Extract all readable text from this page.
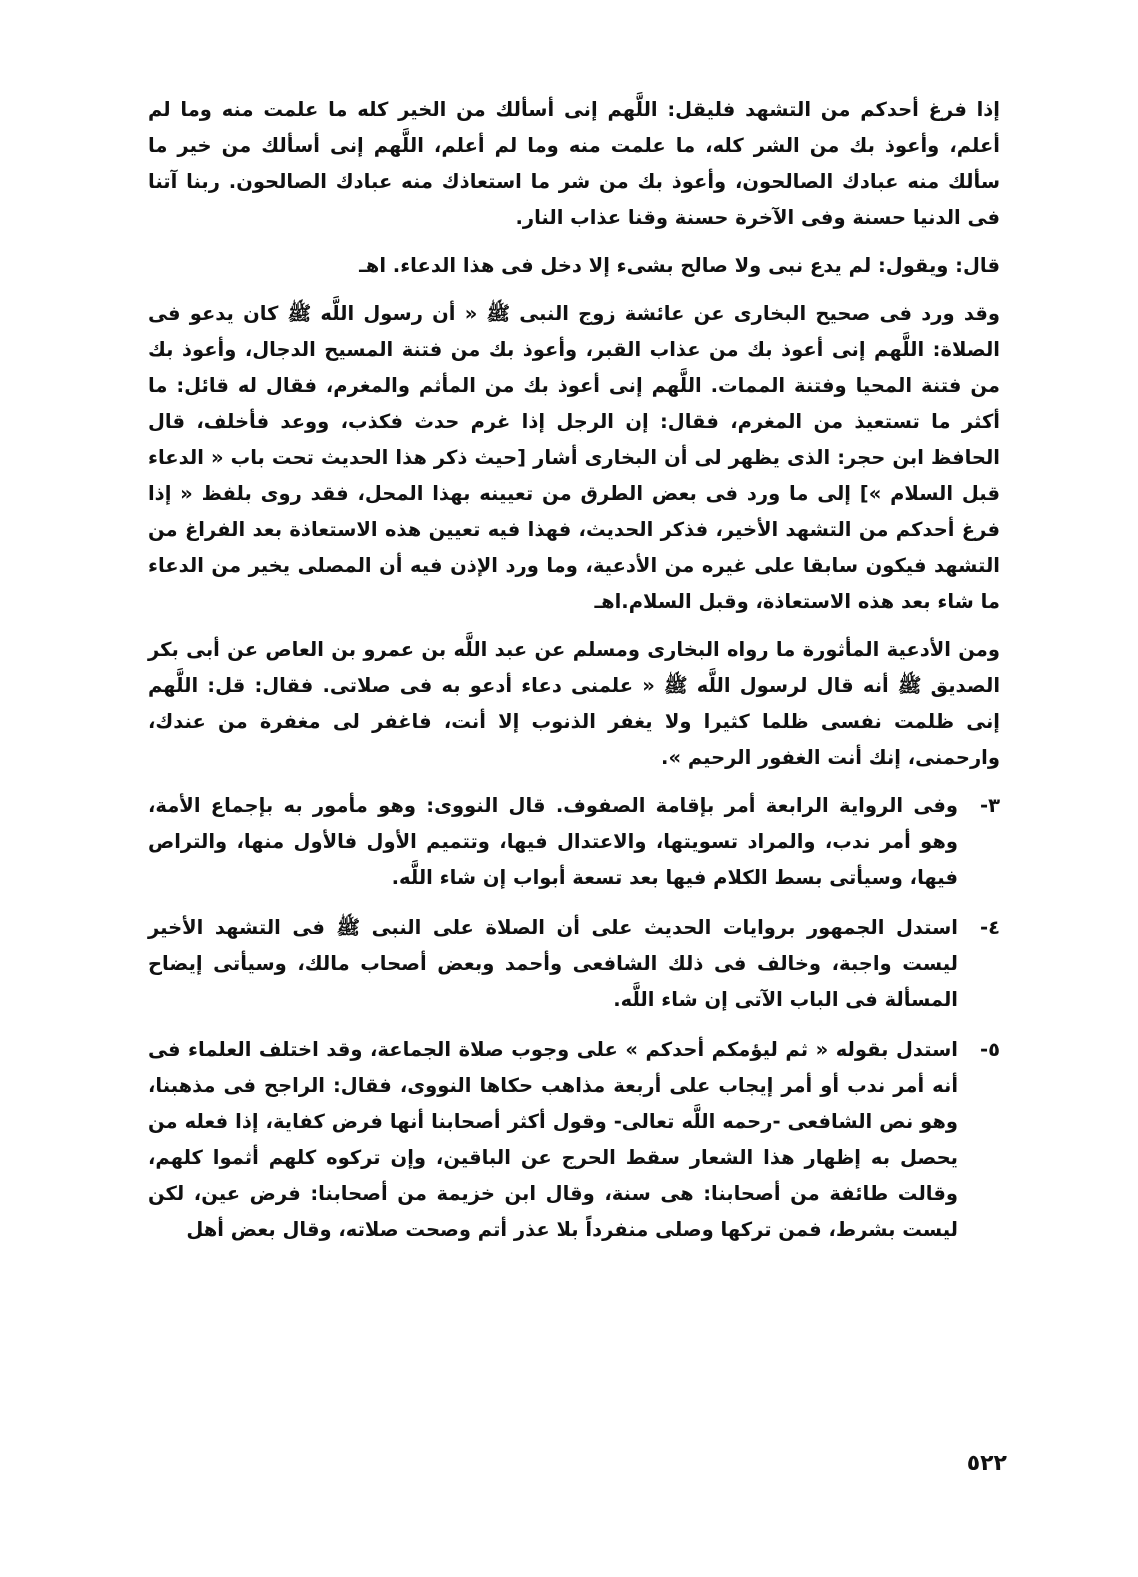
إذا فرغ أحدكم من التشهد فليقل: اللَّهم إنى أسألك من الخير كله ما علمت منه وما لم أعلم، وأعوذ بك من الشر كله، ما علمت منه وما لم أعلم، اللَّهم إنى أسألك من خير ما سألك منه عبادك الصالحون، وأعوذ بك من شر ما استعاذك منه عبادك الصالحون. ربنا آتنا فى الدنيا حسنة وفى الآخرة حسنة وقنا عذاب النار.

قال: ويقول: لم يدع نبى ولا صالح بشىء إلا دخل فى هذا الدعاء. اهـ

وقد ورد فى صحيح البخارى عن عائشة زوج النبى ﷺ « أن رسول اللَّه ﷺ كان يدعو فى الصلاة: اللَّهم إنى أعوذ بك من عذاب القبر، وأعوذ بك من فتنة المسيح الدجال، وأعوذ بك من فتنة المحيا وفتنة الممات. اللَّهم إنى أعوذ بك من المأثم والمغرم، فقال له قائل: ما أكثر ما تستعيذ من المغرم، فقال: إن الرجل إذا غرم حدث فكذب، ووعد فأخلف، قال الحافظ ابن حجر: الذى يظهر لى أن البخارى أشار [حيث ذكر هذا الحديث تحت باب « الدعاء قبل السلام »] إلى ما ورد فى بعض الطرق من تعيينه بهذا المحل، فقد روى بلفظ « إذا فرغ أحدكم من التشهد الأخير، فذكر الحديث، فهذا فيه تعيين هذه الاستعاذة بعد الفراغ من التشهد فيكون سابقا على غيره من الأدعية، وما ورد الإذن فيه أن المصلى يخير من الدعاء ما شاء بعد هذه الاستعاذة، وقبل السلام.اهـ

ومن الأدعية المأثورة ما رواه البخارى ومسلم عن عبد اللَّه بن عمرو بن العاص عن أبى بكر الصديق ﷺ أنه قال لرسول اللَّه ﷺ « علمنى دعاء أدعو به فى صلاتى. فقال: قل: اللَّهم إنى ظلمت نفسى ظلما كثيرا ولا يغفر الذنوب إلا أنت، فاغفر لى مغفرة من عندك، وارحمنى، إنك أنت الغفور الرحيم ».

٣-
وفى الرواية الرابعة أمر بإقامة الصفوف. قال النووى: وهو مأمور به بإجماع الأمة، وهو أمر ندب، والمراد تسويتها، والاعتدال فيها، وتتميم الأول فالأول منها، والتراص فيها، وسيأتى بسط الكلام فيها بعد تسعة أبواب إن شاء اللَّه.
٤-
استدل الجمهور بروايات الحديث على أن الصلاة على النبى ﷺ فى التشهد الأخير ليست واجبة، وخالف فى ذلك الشافعى وأحمد وبعض أصحاب مالك، وسيأتى إيضاح المسألة فى الباب الآتى إن شاء اللَّه.
٥-
استدل بقوله « ثم ليؤمكم أحدكم » على وجوب صلاة الجماعة، وقد اختلف العلماء فى أنه أمر ندب أو أمر إيجاب على أربعة مذاهب حكاها النووى، فقال: الراجح فى مذهبنا، وهو نص الشافعى -رحمه اللَّه تعالى- وقول أكثر أصحابنا أنها فرض كفاية، إذا فعله من يحصل به إظهار هذا الشعار سقط الحرج عن الباقين، وإن تركوه كلهم أثموا كلهم، وقالت طائفة من أصحابنا: هى سنة، وقال ابن خزيمة من أصحابنا: فرض عين، لكن ليست بشرط، فمن تركها وصلى منفرداً بلا عذر أتم وصحت صلاته، وقال بعض أهل
٥٢٢
